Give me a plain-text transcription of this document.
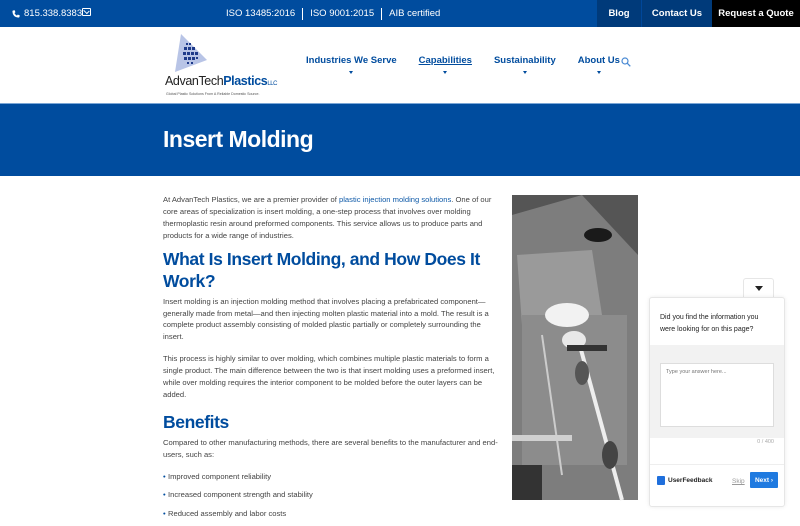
815.338.8383	ISO 13485:2016	ISO 9001:2015	AIB certified	Blog	Contact Us	Request a Quote
AdvanTechPlasticsLLC
Global Plastic Solutions From A Reliable Domestic Source.
Industries We Serve Capabilities Sustainability About Us
Insert Molding

At AdvanTech Plastics, we are a premier provider of plastic injection molding solutions. One of our core areas of specialization is insert molding, a one-step process that involves over molding thermoplastic resin around preformed components. This service allows us to produce parts and products for a wide range of industries.

What Is Insert Molding, and How Does It Work?

Insert molding is an injection molding method that involves placing a prefabricated component—generally made from metal—and then injecting molten plastic material into a mold. The result is a complete product assembly consisting of molded plastic partially or completely surrounding the insert.

This process is highly similar to over molding, which combines multiple plastic materials to form a single product. The main difference between the two is that insert molding uses a preformed insert, while over molding requires the interior component to be molded before the outer layers can be added.

Benefits

Compared to other manufacturing methods, there are several benefits to the manufacturer and end-users, such as:

• Improved component reliability
• Increased component strength and stability
• Reduced assembly and labor costs
Did you find the information you were looking for on this page?
Type your answer here...
0 / 400
UserFeedback	Skip	Next ›
